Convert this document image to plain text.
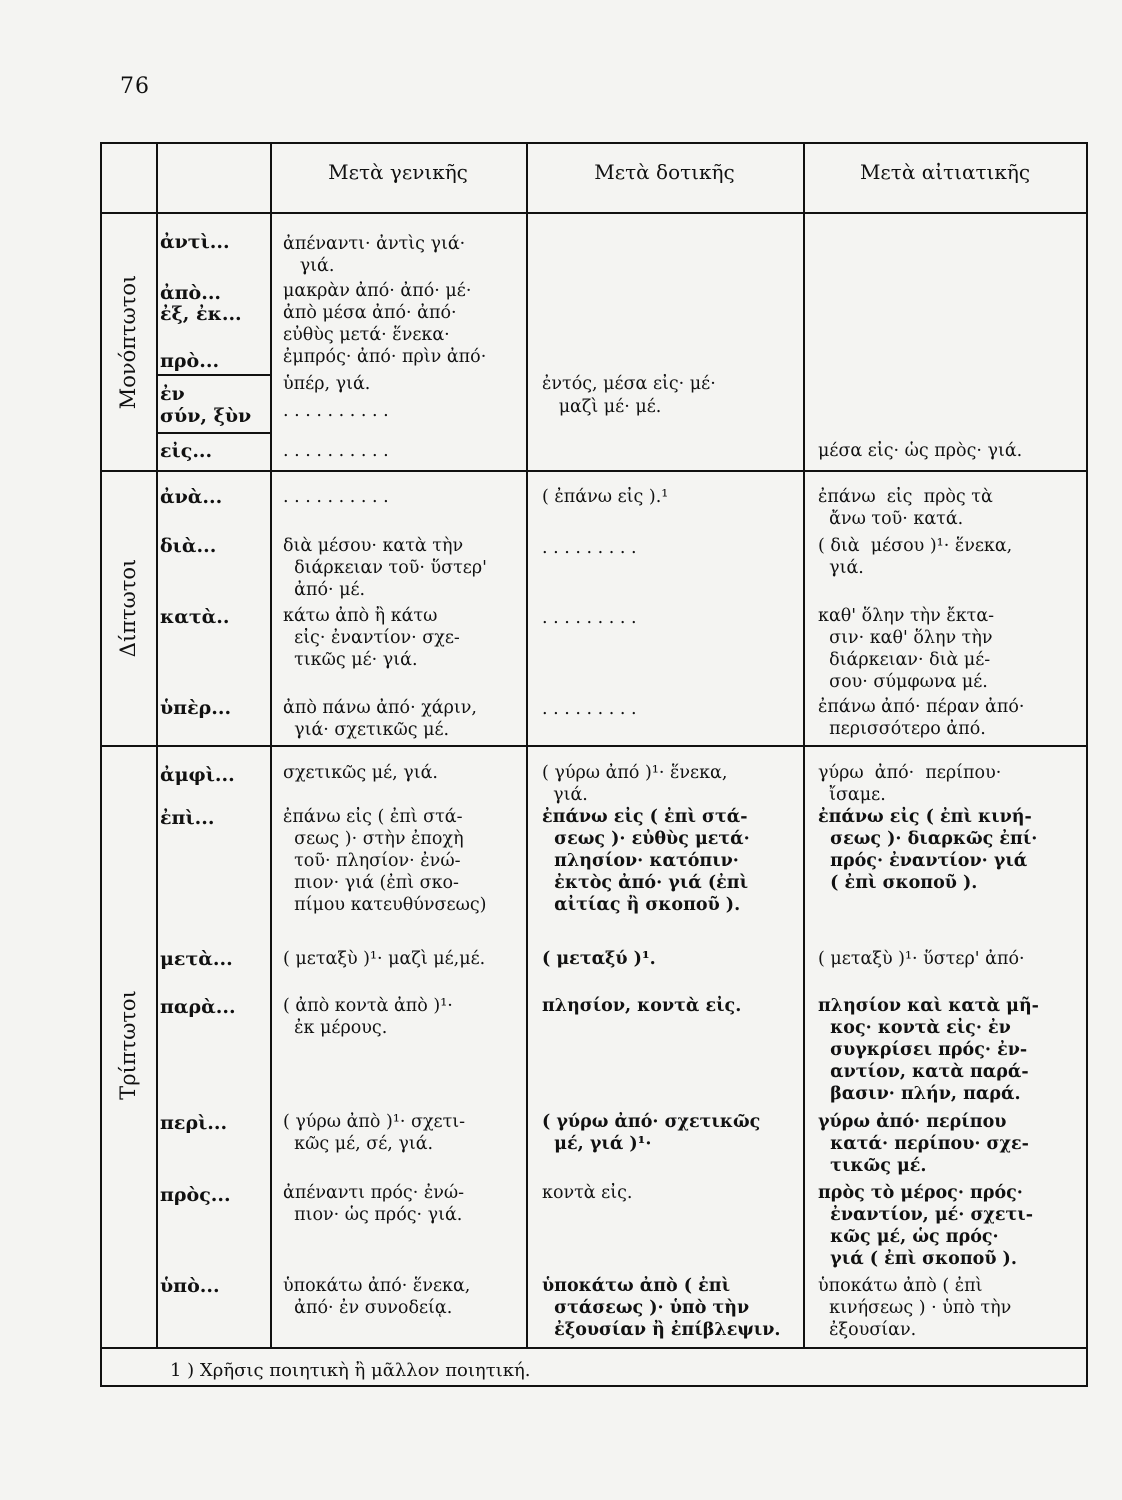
76
Μετὰ γενικῆς	Μετὰ δοτικῆς	Μετὰ αἰτιατικῆς
Μονόπτωτοι
Δίπτωτοι
Τρίπτωτοι
ἀντὶ...
ἀπὸ...
ἐξ, ἐκ...
πρὸ...
ἐν
σύν, ξὺν
εἰς...
ἀνὰ...
διὰ...
κατὰ..
ὑπὲρ...
ἀμφὶ...
ἐπὶ...
μετὰ...
παρὰ...
περὶ...
πρὸς...
ὑπὸ...
ἀπέναντι· ἀντὶς γιά·
γιά.
μακρὰν ἀπό· ἀπό· μέ·
ἀπὸ μέσα ἀπό· ἀπό·
εὐθὺς μετά· ἕνεκα·
ἐμπρός· ἀπό· πρὶν ἀπό·
ὑπέρ, γιά.
. . . . . . . . . .
. . . . . . . . . .
. . . . . . . . . .
διὰ μέσου· κατὰ τὴν
διάρκειαν τοῦ· ὕστερ'
ἀπό· μέ.
κάτω ἀπὸ ἢ κάτω
εἰς· ἐναντίον· σχε-
τικῶς μέ· γιά.
ἀπὸ πάνω ἀπό· χάριν,
γιά· σχετικῶς μέ.
σχετικῶς μέ, γιά.
ἐπάνω εἰς ( ἐπὶ στά-
σεως )· στὴν ἐποχὴ
τοῦ· πλησίον· ἐνώ-
πιον· γιά (ἐπὶ σκο-
πίμου κατευθύνσεως)
( μεταξὺ )¹· μαζὶ μέ,μέ.
( ἀπὸ κοντὰ ἀπὸ )¹·
ἐκ μέρους.
( γύρω ἀπὸ )¹· σχετι-
κῶς μέ, σέ, γιά.
ἀπέναντι πρός· ἐνώ-
πιον· ὡς πρός· γιά.
ὑποκάτω ἀπό· ἕνεκα,
ἀπό· ἐν συνοδείᾳ.
ἐντός, μέσα εἰς· μέ·
μαζὶ μέ· μέ.
( ἐπάνω εἰς ).¹
. . . . . . . . .
. . . . . . . . .
. . . . . . . . .
( γύρω ἀπό )¹· ἕνεκα,
γιά.
ἐπάνω εἰς ( ἐπὶ στά-
σεως )· εὐθὺς μετά·
πλησίον· κατόπιν·
ἐκτὸς ἀπό· γιά (ἐπὶ
αἰτίας ἢ σκοποῦ ).
( μεταξύ )¹.
πλησίον, κοντὰ εἰς.
( γύρω ἀπό· σχετικῶς
μέ, γιά )¹·
κοντὰ εἰς.
ὑποκάτω ἀπὸ ( ἐπὶ
στάσεως )· ὑπὸ τὴν
ἐξουσίαν ἢ ἐπίβλεψιν.
μέσα εἰς· ὡς πρὸς· γιά.
ἐπάνω  εἰς  πρὸς τὰ
ἄνω τοῦ· κατά.
( διὰ  μέσου )¹· ἕνεκα,
γιά.
καθ' ὅλην τὴν ἔκτα-
σιν· καθ' ὅλην τὴν
διάρκειαν· διὰ μέ-
σου· σύμφωνα μέ.
ἐπάνω ἀπό· πέραν ἀπό·
περισσότερο ἀπό.
γύρω  ἀπό·  περίπου·
ἴσαμε.
ἐπάνω εἰς ( ἐπὶ κινή-
σεως )· διαρκῶς ἐπί·
πρός· ἐναντίον· γιά
( ἐπὶ σκοποῦ ).
( μεταξὺ )¹· ὕστερ' ἀπό·
πλησίον καὶ κατὰ μῆ-
κος· κοντὰ εἰς· ἐν
συγκρίσει πρός· ἐν-
αντίον, κατὰ παρά-
βασιν· πλήν, παρά.
γύρω ἀπό· περίπου
κατά· περίπου· σχε-
τικῶς μέ.
πρὸς τὸ μέρος· πρός·
ἐναντίον, μέ· σχετι-
κῶς μέ, ὡς πρός·
γιά ( ἐπὶ σκοποῦ ).
ὑποκάτω ἀπὸ ( ἐπὶ
κινήσεως ) · ὑπὸ τὴν
ἐξουσίαν.
1 ) Χρῆσις ποιητικὴ ἢ μᾶλλον ποιητική.
